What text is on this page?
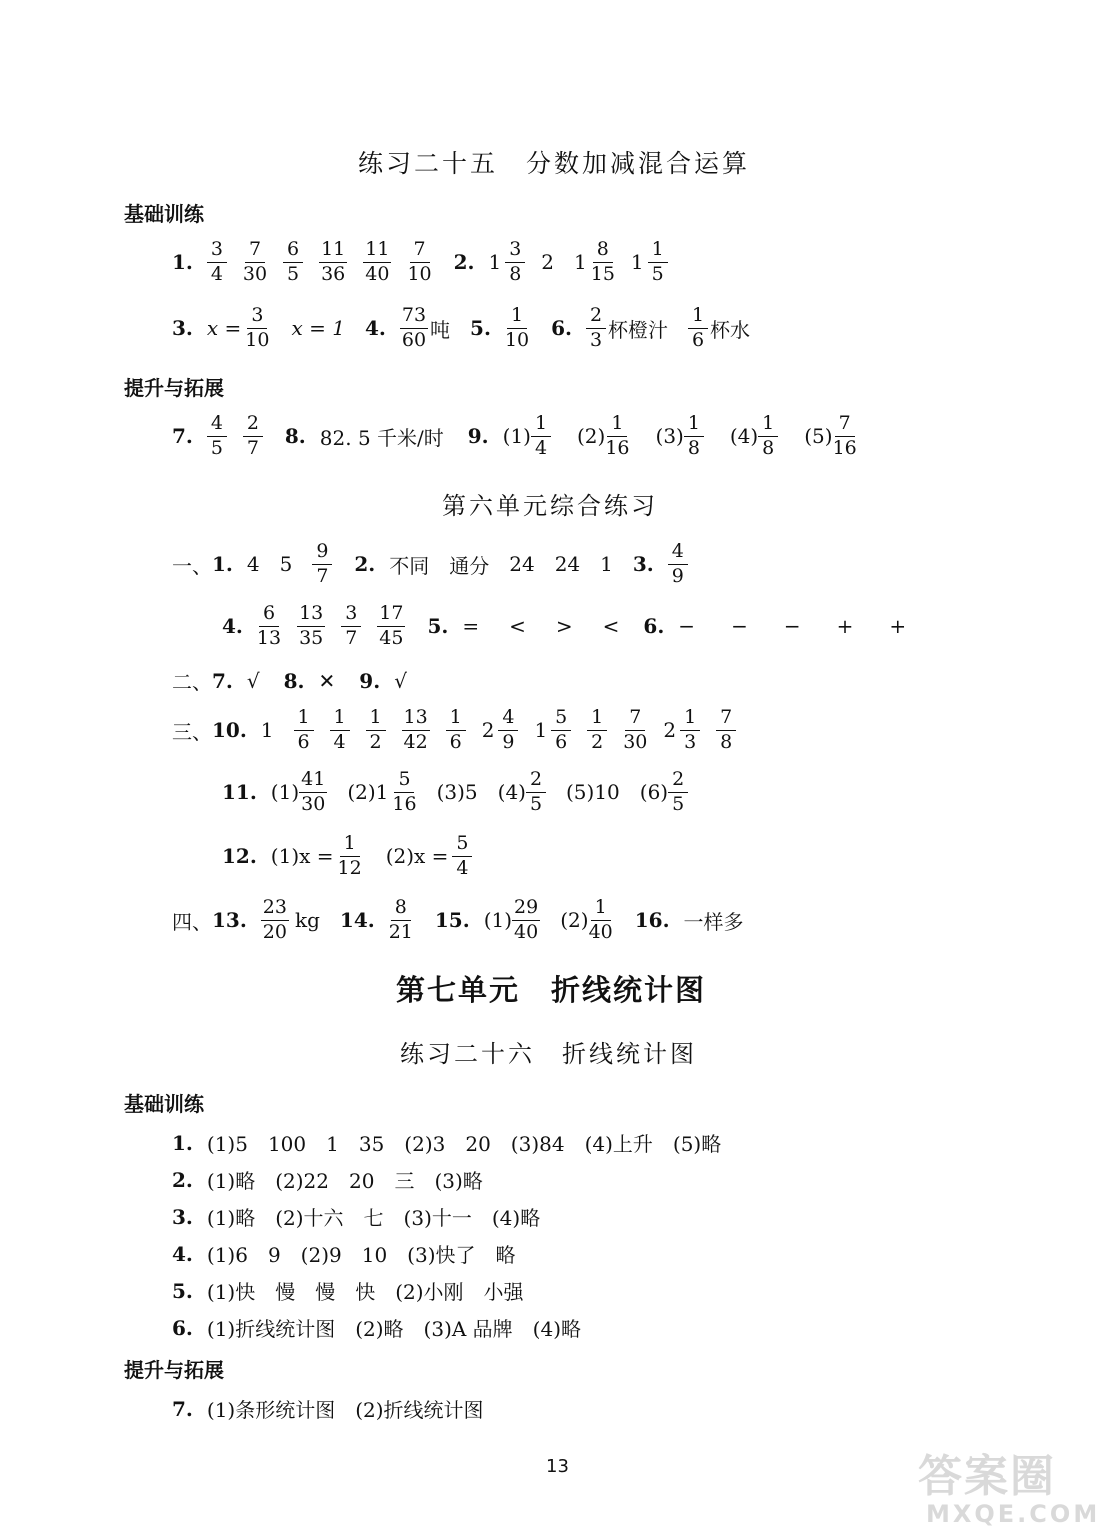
练习二十五　分数加减混合运算
基础训练
1.
3
4
7
30
6
5
11
36
11
40
7
10 2. 1
3
8 2 1
8
15 1
1
5
3. $x = \frac{3}{10}$ x = 1 4.
73
60 吨 5.
1
10 6.
2
3 杯橙汁
1
6 杯水
提升与拓展
7.
4
5
2
7 8. 82. 5 千米/时 9. (1)
1
4 (2)
1
16 (3)
1
8 (4)
1
8 (5)
7
16
第六单元综合练习
一、 1. 4 5
9
7 2. 不同 通分 24 24 1 3.
4
9
4.
6
13
13
35
3
7
17
45 5. = < > < 6. − − − + +
二、 7. √ 8. ✕ 9. √
三、 10. 1
1
6
1
4
1
2
13
42
1
6 2
4
9 1
5
6
1
2
7
30 2
1
3
7
8
11. (1)
41
30 (2)1
5
16 (3)5 (4)
2
5 (5)10 (6)
2
5
12. $(1)x = \frac{1}{12} (2)x = \frac{5}{4}$
四、 13.
23
20 kg 14.
8
21 15. (1)
29
40 (2)
1
40 16. 一样多
第七单元　折线统计图
练习二十六　折线统计图
基础训练
1. (1)5　100　1　35　(2)3　20　(3)84　(4)上升　(5)略
2. (1)略　(2)22　20　三　(3)略
3. (1)略　(2)十六　七　(3)十一　(4)略
4. (1)6　9　(2)9　10　(3)快了　略
5. (1)快　慢　慢　快　(2)小刚　小强
6. (1)折线统计图　(2)略　(3)A 品牌　(4)略
提升与拓展
7. (1)条形统计图　(2)折线统计图
13	答案圈
MXQE.COM
